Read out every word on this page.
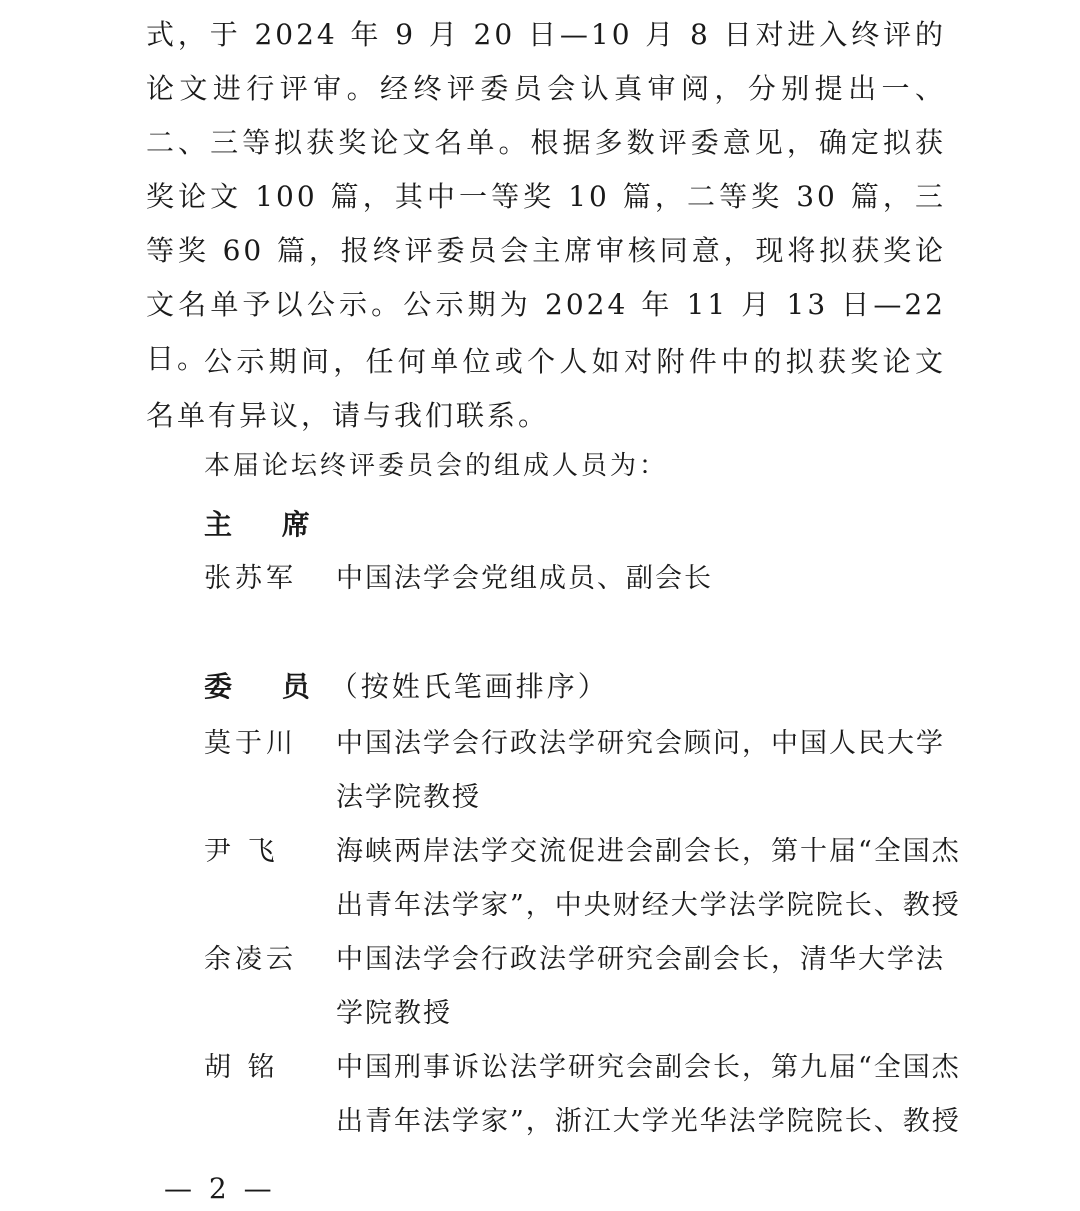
式，于 2024 年 9 月 20 日—10 月 8 日对进入终评的论文进行评审。经终评委员会认真审阅，分别提出一、二、三等拟获奖论文名单。根据多数评委意见，确定拟获奖论文 100 篇，其中一等奖 10 篇，二等奖 30 篇，三等奖 60 篇，报终评委员会主席审核同意，现将拟获奖论文名单予以公示。公示期为 2024 年 11 月 13 日—22 日。

公示期间，任何单位或个人如对附件中的拟获奖论文名单有异议，请与我们联系。

本届论坛终评委员会的组成人员为：
主 席
张苏军	中国法学会党组成员、副会长
委 员（按姓氏笔画排序）
莫于川	中国法学会行政法学研究会顾问，中国人民大学法学院教授
尹 飞	海峡两岸法学交流促进会副会长，第十届“全国杰出青年法学家”，中央财经大学法学院院长、教授
余凌云	中国法学会行政法学研究会副会长，清华大学法学院教授
胡 铭	中国刑事诉讼法学研究会副会长，第九届“全国杰出青年法学家”，浙江大学光华法学院院长、教授
— 2 —
